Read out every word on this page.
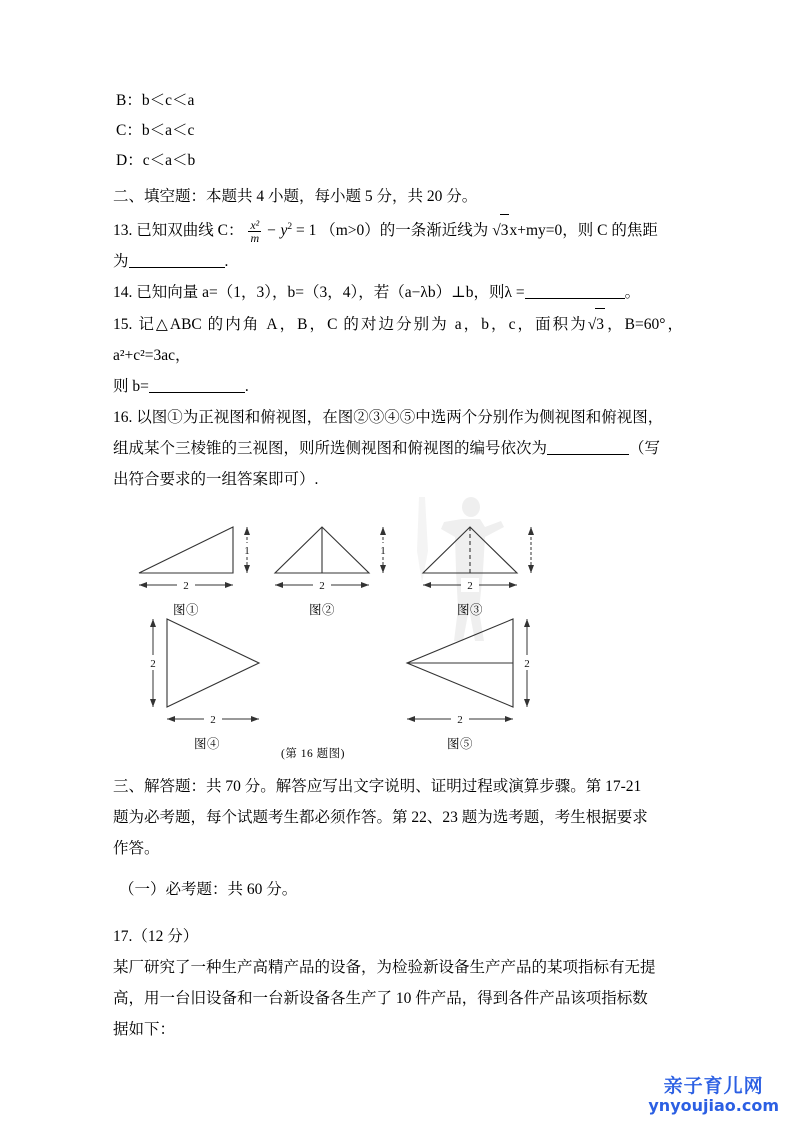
B：b＜c＜a
C：b＜a＜c
D：c＜a＜b
二、填空题：本题共 4 小题，每小题 5 分，共 20 分。
13. 已知双曲线 C： $\frac{\text{x²}}{m} - y^2 = 1$ （m>0）的一条渐近线为 √3x+my=0，则 C 的焦距
为	.
14. 已知向量 a=（1，3），b=（3，4），若（a−λb）⊥b，则λ =	。
15. 记△ABC 的内角 A，B，C 的对边分别为 a，b，c，面积为√3，B=60°，a²+c²=3ac，
则 b=	.
16. 以图①为正视图和俯视图，在图②③④⑤中选两个分别作为侧视图和俯视图，
组成某个三棱锥的三视图，则所选侧视图和俯视图的编号依次为	（写
出符合要求的一组答案即可）.
2
1
图①
2
1
图②
2
图③
2
2
图④
2
2
图⑤
(第 16 题图)
三、解答题：共 70 分。解答应写出文字说明、证明过程或演算步骤。第 17-21
题为必考题，每个试题考生都必须作答。第 22、23 题为选考题，考生根据要求
作答。
（一）必考题：共 60 分。
17.（12 分）
某厂研究了一种生产高精产品的设备，为检验新设备生产产品的某项指标有无提
高，用一台旧设备和一台新设备各生产了 10 件产品，得到各件产品该项指标数
据如下：
亲子育儿网
ynyoujiao.com
